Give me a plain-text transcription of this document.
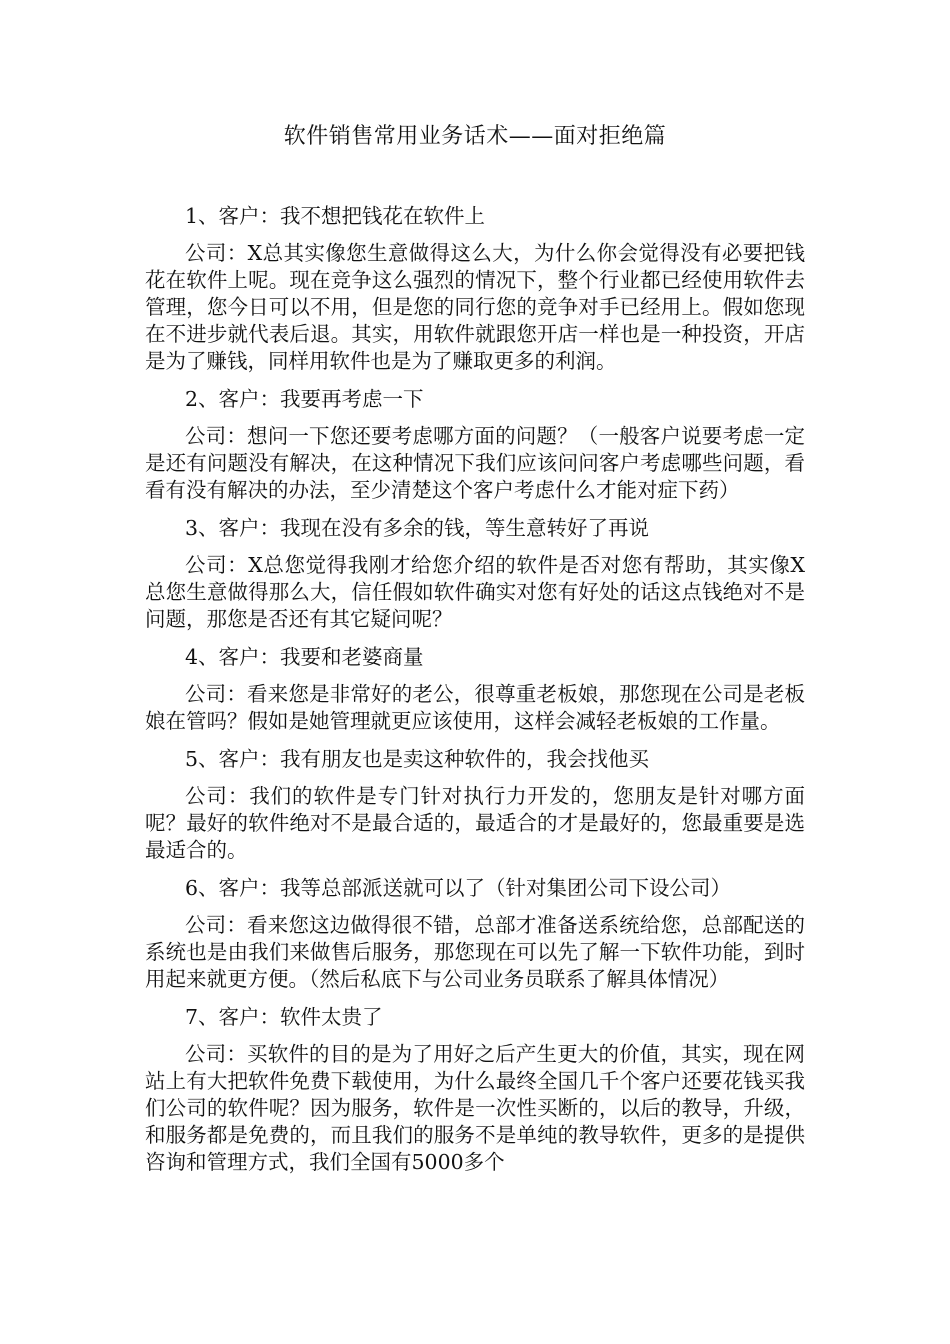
软件销售常用业务话术——面对拒绝篇

1、客户：我不想把钱花在软件上

公司：X总其实像您生意做得这么大，为什么你会觉得没有必要把钱花在软件上呢。现在竞争这么强烈的情况下，整个行业都已经使用软件去管理，您今日可以不用，但是您的同行您的竞争对手已经用上。假如您现在不进步就代表后退。其实，用软件就跟您开店一样也是一种投资，开店是为了赚钱，同样用软件也是为了赚取更多的利润。

2、客户：我要再考虑一下

公司：想问一下您还要考虑哪方面的问题？（一般客户说要考虑一定是还有问题没有解决，在这种情况下我们应该问问客户考虑哪些问题，看看有没有解决的办法，至少清楚这个客户考虑什么才能对症下药）

3、客户：我现在没有多余的钱，等生意转好了再说

公司：X总您觉得我刚才给您介绍的软件是否对您有帮助，其实像X总您生意做得那么大，信任假如软件确实对您有好处的话这点钱绝对不是问题，那您是否还有其它疑问呢？

4、客户：我要和老婆商量

公司：看来您是非常好的老公，很尊重老板娘，那您现在公司是老板娘在管吗？假如是她管理就更应该使用，这样会减轻老板娘的工作量。

5、客户：我有朋友也是卖这种软件的，我会找他买

公司：我们的软件是专门针对执行力开发的，您朋友是针对哪方面呢？最好的软件绝对不是最合适的，最适合的才是最好的，您最重要是选最适合的。

6、客户：我等总部派送就可以了（针对集团公司下设公司）

公司：看来您这边做得很不错，总部才准备送系统给您，总部配送的系统也是由我们来做售后服务，那您现在可以先了解一下软件功能，到时用起来就更方便。（然后私底下与公司业务员联系了解具体情况）

7、客户：软件太贵了

公司：买软件的目的是为了用好之后产生更大的价值，其实，现在网站上有大把软件免费下载使用，为什么最终全国几千个客户还要花钱买我们公司的软件呢？因为服务，软件是一次性买断的，以后的教导，升级，和服务都是免费的，而且我们的服务不是单纯的教导软件，更多的是提供咨询和管理方式，我们全国有5000多个
